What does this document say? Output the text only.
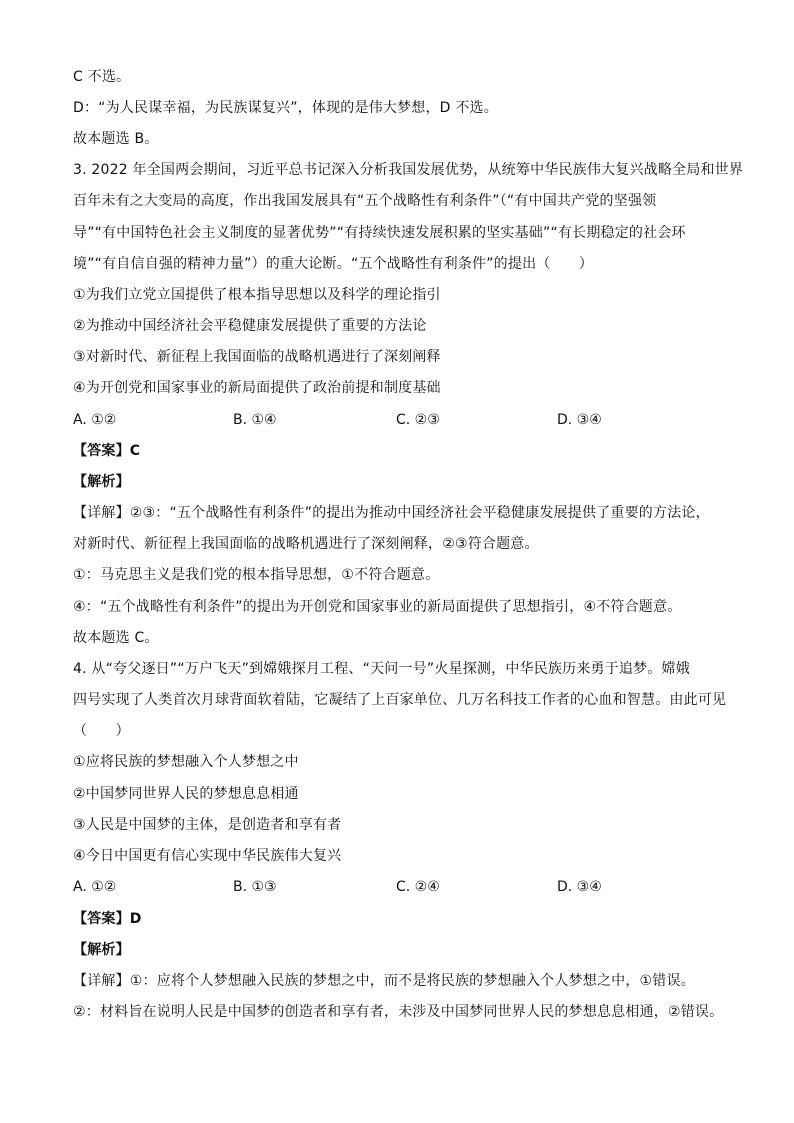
C 不选。
D：“为人民谋幸福，为民族谋复兴”，体现的是伟大梦想，D 不选。
故本题选 B。
3. 2022 年全国两会期间，习近平总书记深入分析我国发展优势，从统筹中华民族伟大复兴战略全局和世界
百年未有之大变局的高度，作出我国发展具有“五个战略性有利条件”（“有中国共产党的坚强领
导”“有中国特色社会主义制度的显著优势”“有持续快速发展积累的坚实基础”“有长期稳定的社会环
境”“有自信自强的精神力量”）的重大论断。“五个战略性有利条件”的提出（　　）
①为我们立党立国提供了根本指导思想以及科学的理论指引
②为推动中国经济社会平稳健康发展提供了重要的方法论
③对新时代、新征程上我国面临的战略机遇进行了深刻阐释
④为开创党和国家事业的新局面提供了政治前提和制度基础
A. ①②	B. ①④	C. ②③	D. ③④
【答案】C
【解析】
【详解】②③：“五个战略性有利条件”的提出为推动中国经济社会平稳健康发展提供了重要的方法论，
对新时代、新征程上我国面临的战略机遇进行了深刻阐释，②③符合题意。
①：马克思主义是我们党的根本指导思想，①不符合题意。
④：“五个战略性有利条件”的提出为开创党和国家事业的新局面提供了思想指引，④不符合题意。
故本题选 C。
4. 从“夸父逐日”“万户飞天”到嫦娥探月工程、“天问一号”火星探测，中华民族历来勇于追梦。嫦娥
四号实现了人类首次月球背面软着陆，它凝结了上百家单位、几万名科技工作者的心血和智慧。由此可见
（　　）
①应将民族的梦想融入个人梦想之中
②中国梦同世界人民的梦想息息相通
③人民是中国梦的主体，是创造者和享有者
④今日中国更有信心实现中华民族伟大复兴
A. ①②	B. ①③	C. ②④	D. ③④
【答案】D
【解析】
【详解】①：应将个人梦想融入民族的梦想之中，而不是将民族的梦想融入个人梦想之中，①错误。
②：材料旨在说明人民是中国梦的创造者和享有者，未涉及中国梦同世界人民的梦想息息相通，②错误。
